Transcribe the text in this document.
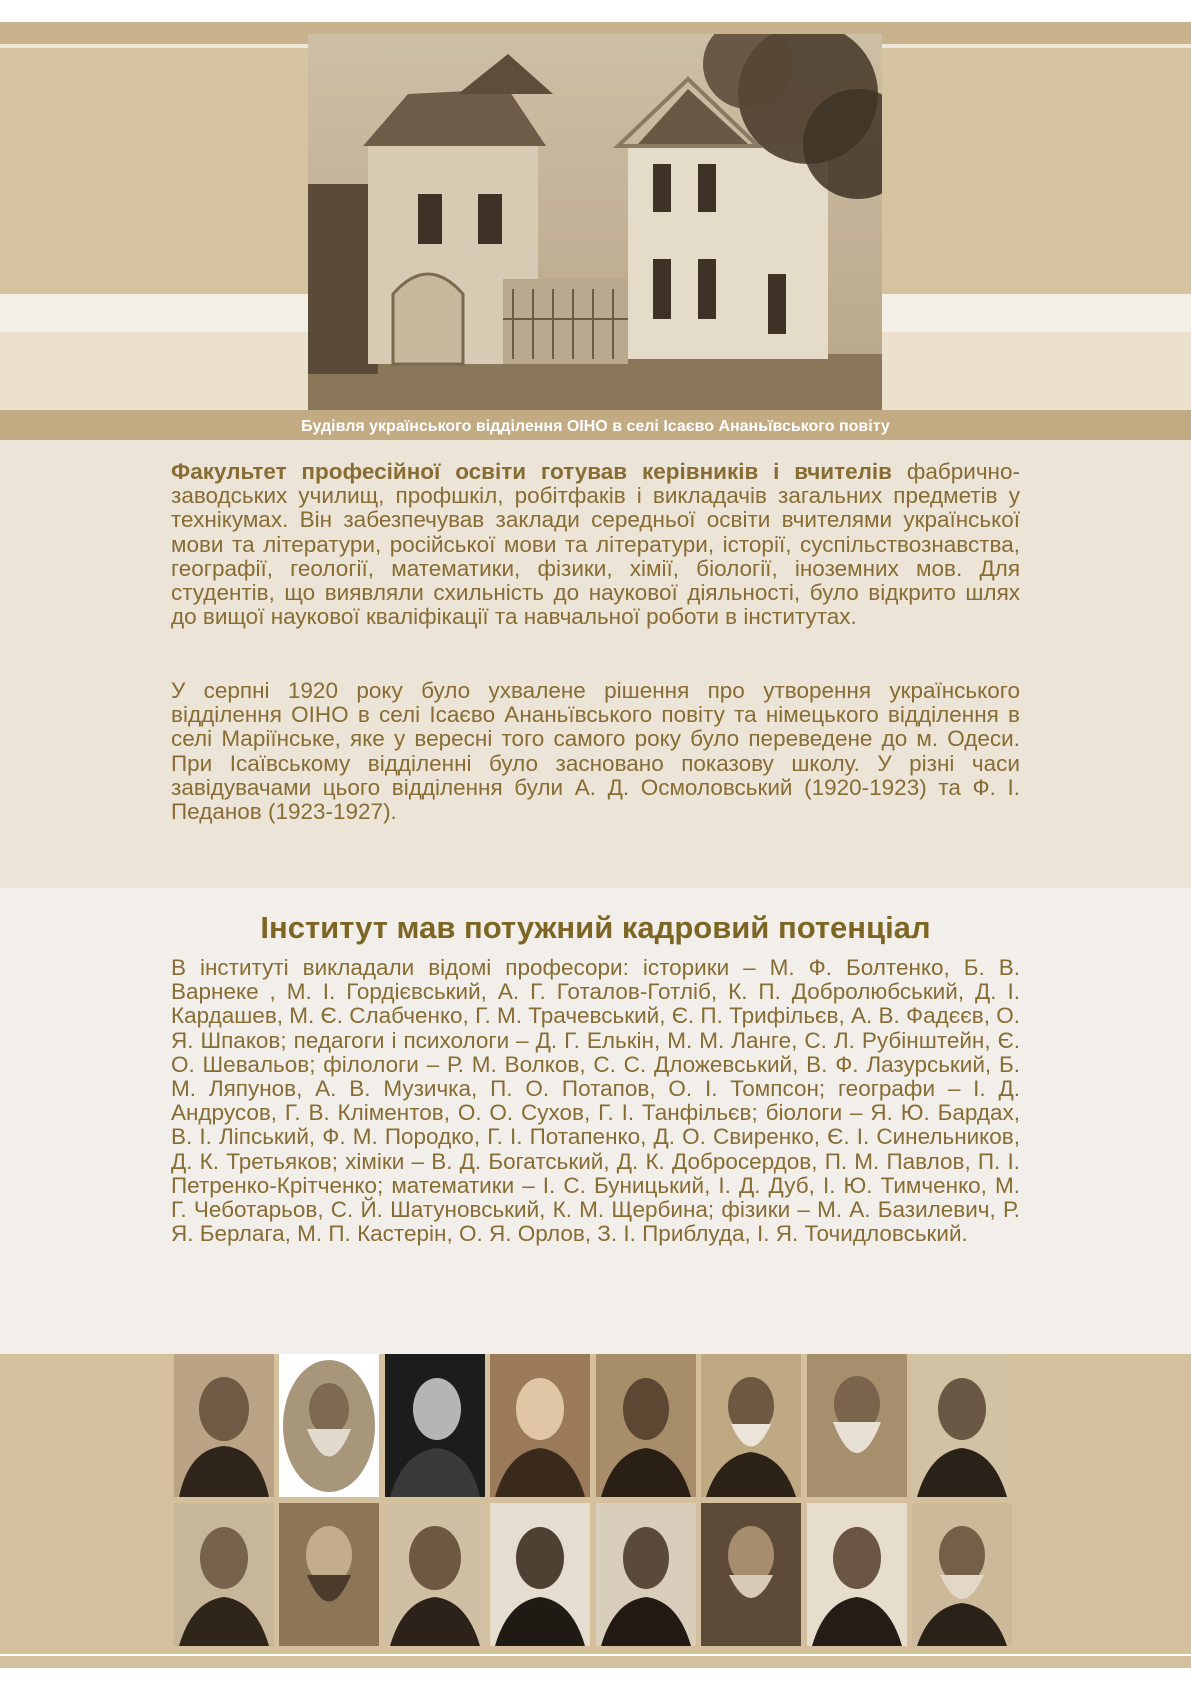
Будівля українського відділення ОІНО в селі Ісаєво Ананьївського повіту

Факультет професійної освіти готував керівників і вчителів фабрично-заводських училищ, профшкіл, робітфаків і викладачів загальних предметів у технікумах. Він забезпечував заклади середньої освіти вчителями української мови та літератури, російської мови та літератури, історії, суспільствознавства, географії, геології, математики, фізики, хімії, біології, іноземних мов. Для студентів, що виявляли схильність до наукової діяльності, було відкрито шлях до вищої наукової кваліфікації та навчальної роботи в інститутах.

У серпні 1920 року було ухвалене рішення про утворення українського відділення ОІНО в селі Ісаєво Ананьївського повіту та німецького відділення в селі Маріїнське, яке у вересні того самого року було переведене до м. Одеси. При Ісаївському відділенні було засновано показову школу. У різні часи завідувачами цього відділення були А. Д. Осмоловський (1920-1923) та Ф. І. Педанов (1923-1927).

Інститут мав потужний кадровий потенціал

В інституті викладали відомі професори: історики – М. Ф. Болтенко, Б. В. Варнеке , М. І. Гордієвський, А. Г. Готалов-Готліб, К. П. Добролюбський, Д. І. Кардашев, М. Є. Слабченко, Г. М. Трачевський, Є. П. Трифільєв, А. В. Фадєєв, О. Я. Шпаков; педагоги і психологи – Д. Г. Елькін, М. М. Ланге, С. Л. Рубінштейн, Є. О. Шевальов; філологи – Р. М. Волков, С. С. Дложевський, В. Ф. Лазурський, Б. М. Ляпунов, А. В. Музичка, П. О. Потапов, О. І. Томпсон; географи – І. Д. Андрусов, Г. В. Кліментов, О. О. Сухов, Г. І. Танфільєв; біологи – Я. Ю. Бардах, В. І. Ліпський, Ф. М. Породко, Г. І. Потапенко, Д. О. Свиренко, Є. І. Синельников, Д. К. Третьяков; хіміки – В. Д. Богатський, Д. К. Добросердов, П. М. Павлов, П. І. Петренко-Крітченко; математики – І. С. Буницький, І. Д. Дуб, І. Ю. Тимченко, М. Г. Чеботарьов, С. Й. Шатуновський, К. М. Щербина; фізики – М. А. Базилевич, Р. Я. Берлага, М. П. Кастерін, О. Я. Орлов, З. І. Приблуда, І. Я. Точидловський.
